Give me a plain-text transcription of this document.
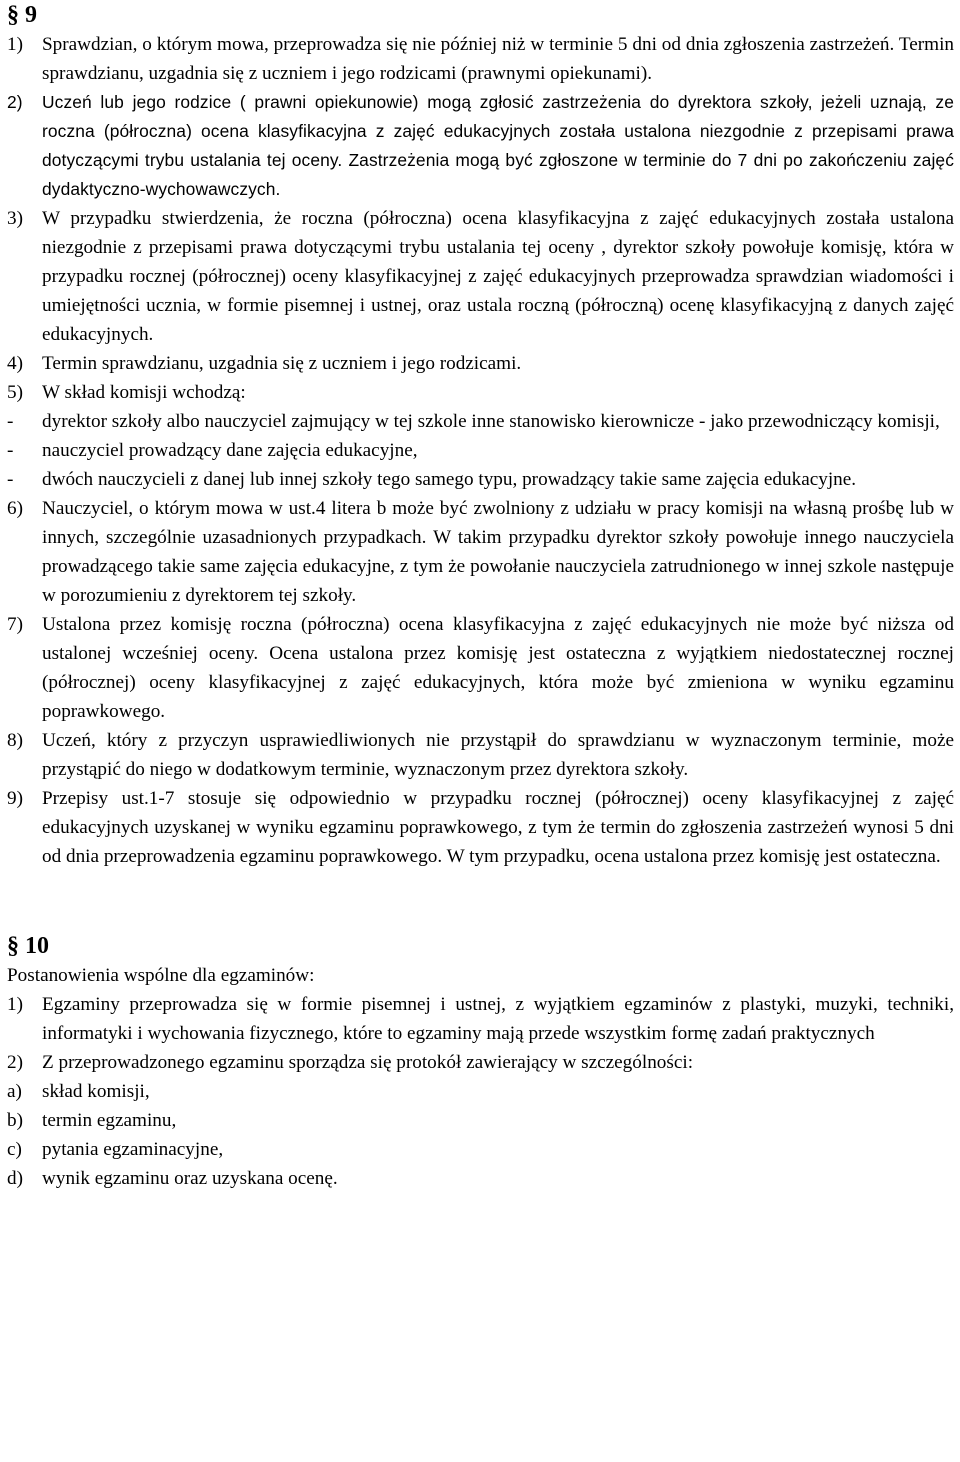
§ 9
1) Sprawdzian, o którym mowa, przeprowadza się nie później niż w terminie 5 dni od dnia zgłoszenia zastrzeżeń. Termin sprawdzianu, uzgadnia się z uczniem i jego rodzicami (prawnymi opiekunami).
2) Uczeń lub jego rodzice ( prawni opiekunowie) mogą zgłosić zastrzeżenia do dyrektora szkoły, jeżeli uznają, ze roczna (półroczna) ocena klasyfikacyjna z zajęć edukacyjnych została ustalona niezgodnie z przepisami prawa dotyczącymi trybu ustalania tej oceny. Zastrzeżenia mogą być zgłoszone w terminie do 7 dni po zakończeniu zajęć dydaktyczno-wychowawczych.
3) W przypadku stwierdzenia, że roczna (półroczna) ocena klasyfikacyjna z zajęć edukacyjnych została ustalona niezgodnie z przepisami prawa dotyczącymi trybu ustalania tej oceny , dyrektor szkoły powołuje komisję, która w przypadku rocznej (półrocznej) oceny klasyfikacyjnej z zajęć edukacyjnych przeprowadza sprawdzian wiadomości i umiejętności ucznia, w formie pisemnej i ustnej, oraz ustala roczną (półroczną) ocenę klasyfikacyjną z danych zajęć edukacyjnych.
4) Termin sprawdzianu, uzgadnia się z uczniem i jego rodzicami.
5) W skład komisji wchodzą:
- dyrektor szkoły albo nauczyciel zajmujący w tej szkole inne stanowisko kierownicze - jako przewodniczący komisji,
- nauczyciel prowadzący dane zajęcia edukacyjne,
- dwóch nauczycieli z danej lub innej szkoły tego samego typu, prowadzący takie same zajęcia edukacyjne.
6) Nauczyciel, o którym mowa w ust.4 litera b może być zwolniony z udziału w pracy komisji na własną prośbę lub w innych, szczególnie uzasadnionych przypadkach. W takim przypadku dyrektor szkoły powołuje innego nauczyciela prowadzącego takie same zajęcia edukacyjne, z tym że powołanie nauczyciela zatrudnionego w innej szkole następuje w porozumieniu z dyrektorem tej szkoły.
7) Ustalona przez komisję roczna (półroczna) ocena klasyfikacyjna z zajęć edukacyjnych nie może być niższa od ustalonej wcześniej oceny. Ocena ustalona przez komisję jest ostateczna z wyjątkiem niedostatecznej rocznej (półrocznej) oceny klasyfikacyjnej z zajęć edukacyjnych, która może być zmieniona w wyniku egzaminu poprawkowego.
8) Uczeń, który z przyczyn usprawiedliwionych nie przystąpił do sprawdzianu w wyznaczonym terminie, może przystąpić do niego w dodatkowym terminie, wyznaczonym przez dyrektora szkoły.
9) Przepisy ust.1-7 stosuje się odpowiednio w przypadku rocznej (półrocznej) oceny klasyfikacyjnej z zajęć edukacyjnych uzyskanej w wyniku egzaminu poprawkowego, z tym że termin do zgłoszenia zastrzeżeń wynosi 5 dni od dnia przeprowadzenia egzaminu poprawkowego. W tym przypadku, ocena ustalona przez komisję jest ostateczna.
§ 10
Postanowienia wspólne dla egzaminów:
1) Egzaminy przeprowadza się w formie pisemnej i ustnej, z wyjątkiem egzaminów z plastyki, muzyki, techniki, informatyki i wychowania fizycznego, które to egzaminy mają przede wszystkim formę zadań praktycznych
2) Z przeprowadzonego egzaminu sporządza się protokół zawierający w szczególności:
a) skład komisji,
b) termin egzaminu,
c) pytania egzaminacyjne,
d) wynik egzaminu oraz uzyskana ocenę.
